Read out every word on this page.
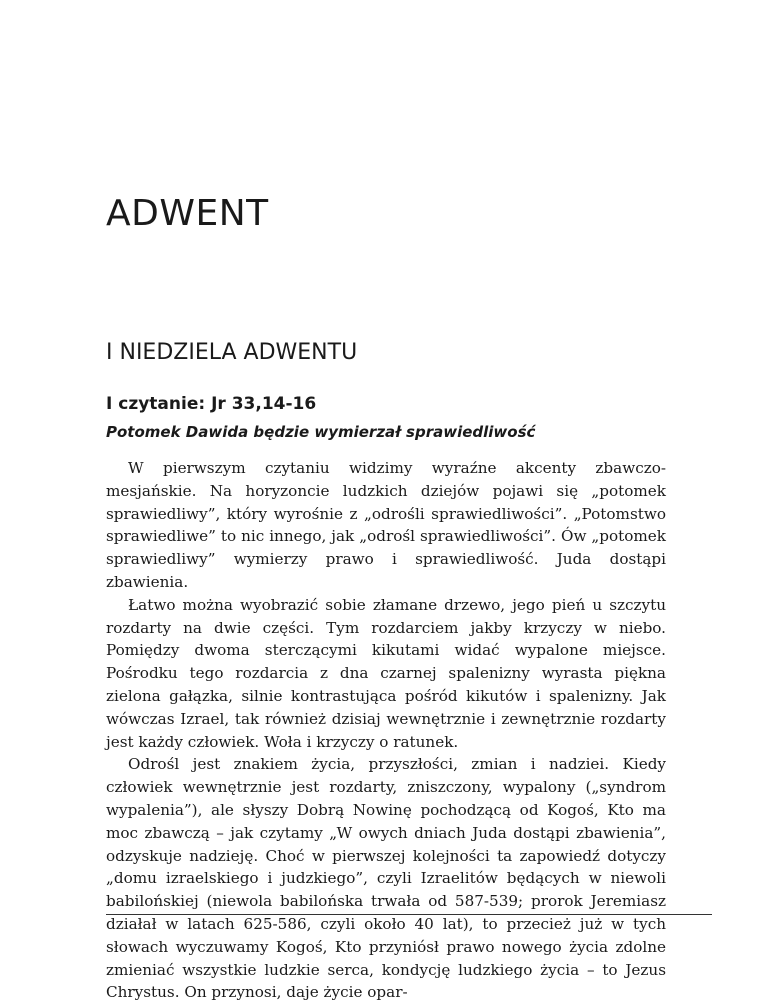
ADWENT
I NIEDZIELA ADWENTU
I czytanie: Jr 33,14-16
Potomek Dawida będzie wymierzał sprawiedliwość

W pierwszym czytaniu widzimy wyraźne akcenty zbawczo-mesjańskie. Na horyzoncie ludzkich dziejów pojawi się „potomek sprawiedliwy”, który wyrośnie z „odrośli sprawiedliwości”. „Potomstwo sprawiedliwe” to nic innego, jak „odrośl sprawiedliwości”. Ów „potomek sprawiedliwy” wymierzy prawo i sprawiedliwość. Juda dostąpi zbawienia.

Łatwo można wyobrazić sobie złamane drzewo, jego pień u szczytu rozdarty na dwie części. Tym rozdarciem jakby krzyczy w niebo. Pomiędzy dwoma sterczącymi kikutami widać wypalone miejsce. Pośrodku tego rozdarcia z dna czarnej spalenizny wyrasta piękna zielona gałązka, silnie kontrastująca pośród kikutów i spalenizny. Jak wówczas Izrael, tak również dzisiaj wewnętrznie i zewnętrznie rozdarty jest każdy człowiek. Woła i krzyczy o ratunek.

Odrośl jest znakiem życia, przyszłości, zmian i nadziei. Kiedy człowiek wewnętrznie jest rozdarty, zniszczony, wypalony („syndrom wypalenia”), ale słyszy Dobrą Nowinę pochodzącą od Kogoś, Kto ma moc zbawczą – jak czytamy „W owych dniach Juda dostąpi zbawienia”, odzyskuje nadzieję. Choć w pierwszej kolejności ta zapowiedź dotyczy „domu izraelskiego i judzkiego”, czyli Izraelitów będących w niewoli babilońskiej (niewola babilońska trwała od 587-539; prorok Jeremiasz działał w latach 625-586, czyli około 40 lat), to przecież już w tych słowach wyczuwamy Kogoś, Kto przyniósł prawo nowego życia zdolne zmieniać wszystkie ludzkie serca, kondycję ludzkiego życia – to Jezus Chrystus. On przynosi, daje życie opar-
